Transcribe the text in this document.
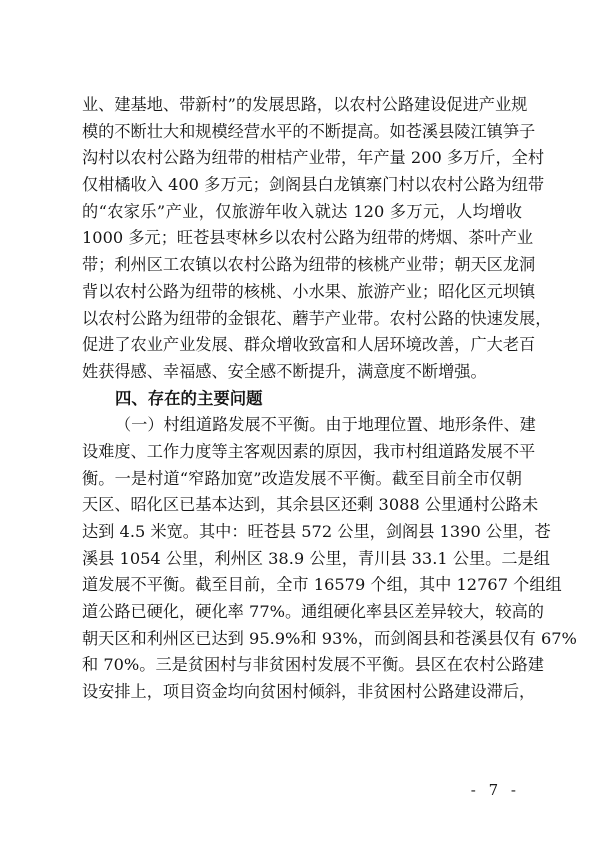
业、建基地、带新村”的发展思路，以农村公路建设促进产业规
模的不断壮大和规模经营水平的不断提高。如苍溪县陵江镇笋子
沟村以农村公路为纽带的柑桔产业带，年产量 200 多万斤，全村
仅柑橘收入 400 多万元；剑阁县白龙镇寨门村以农村公路为纽带
的“农家乐”产业，仅旅游年收入就达 120 多万元，人均增收
1000 多元；旺苍县枣林乡以农村公路为纽带的烤烟、茶叶产业
带；利州区工农镇以农村公路为纽带的核桃产业带；朝天区龙洞
背以农村公路为纽带的核桃、小水果、旅游产业；昭化区元坝镇
以农村公路为纽带的金银花、蘑芋产业带。农村公路的快速发展，
促进了农业产业发展、群众增收致富和人居环境改善，广大老百
姓获得感、幸福感、安全感不断提升，满意度不断增强。
四、存在的主要问题
（一）村组道路发展不平衡。由于地理位置、地形条件、建
设难度、工作力度等主客观因素的原因，我市村组道路发展不平
衡。一是村道“窄路加宽”改造发展不平衡。截至目前全市仅朝
天区、昭化区已基本达到，其余县区还剩 3088 公里通村公路未
达到 4.5 米宽。其中：旺苍县 572 公里，剑阁县 1390 公里，苍
溪县 1054 公里，利州区 38.9 公里，青川县 33.1 公里。二是组
道发展不平衡。截至目前，全市 16579 个组，其中 12767 个组组
道公路已硬化，硬化率 77%。通组硬化率县区差异较大，较高的
朝天区和利州区已达到 95.9%和 93%，而剑阁县和苍溪县仅有 67%
和 70%。三是贫困村与非贫困村发展不平衡。县区在农村公路建
设安排上，项目资金均向贫困村倾斜，非贫困村公路建设滞后，
- 7 -
